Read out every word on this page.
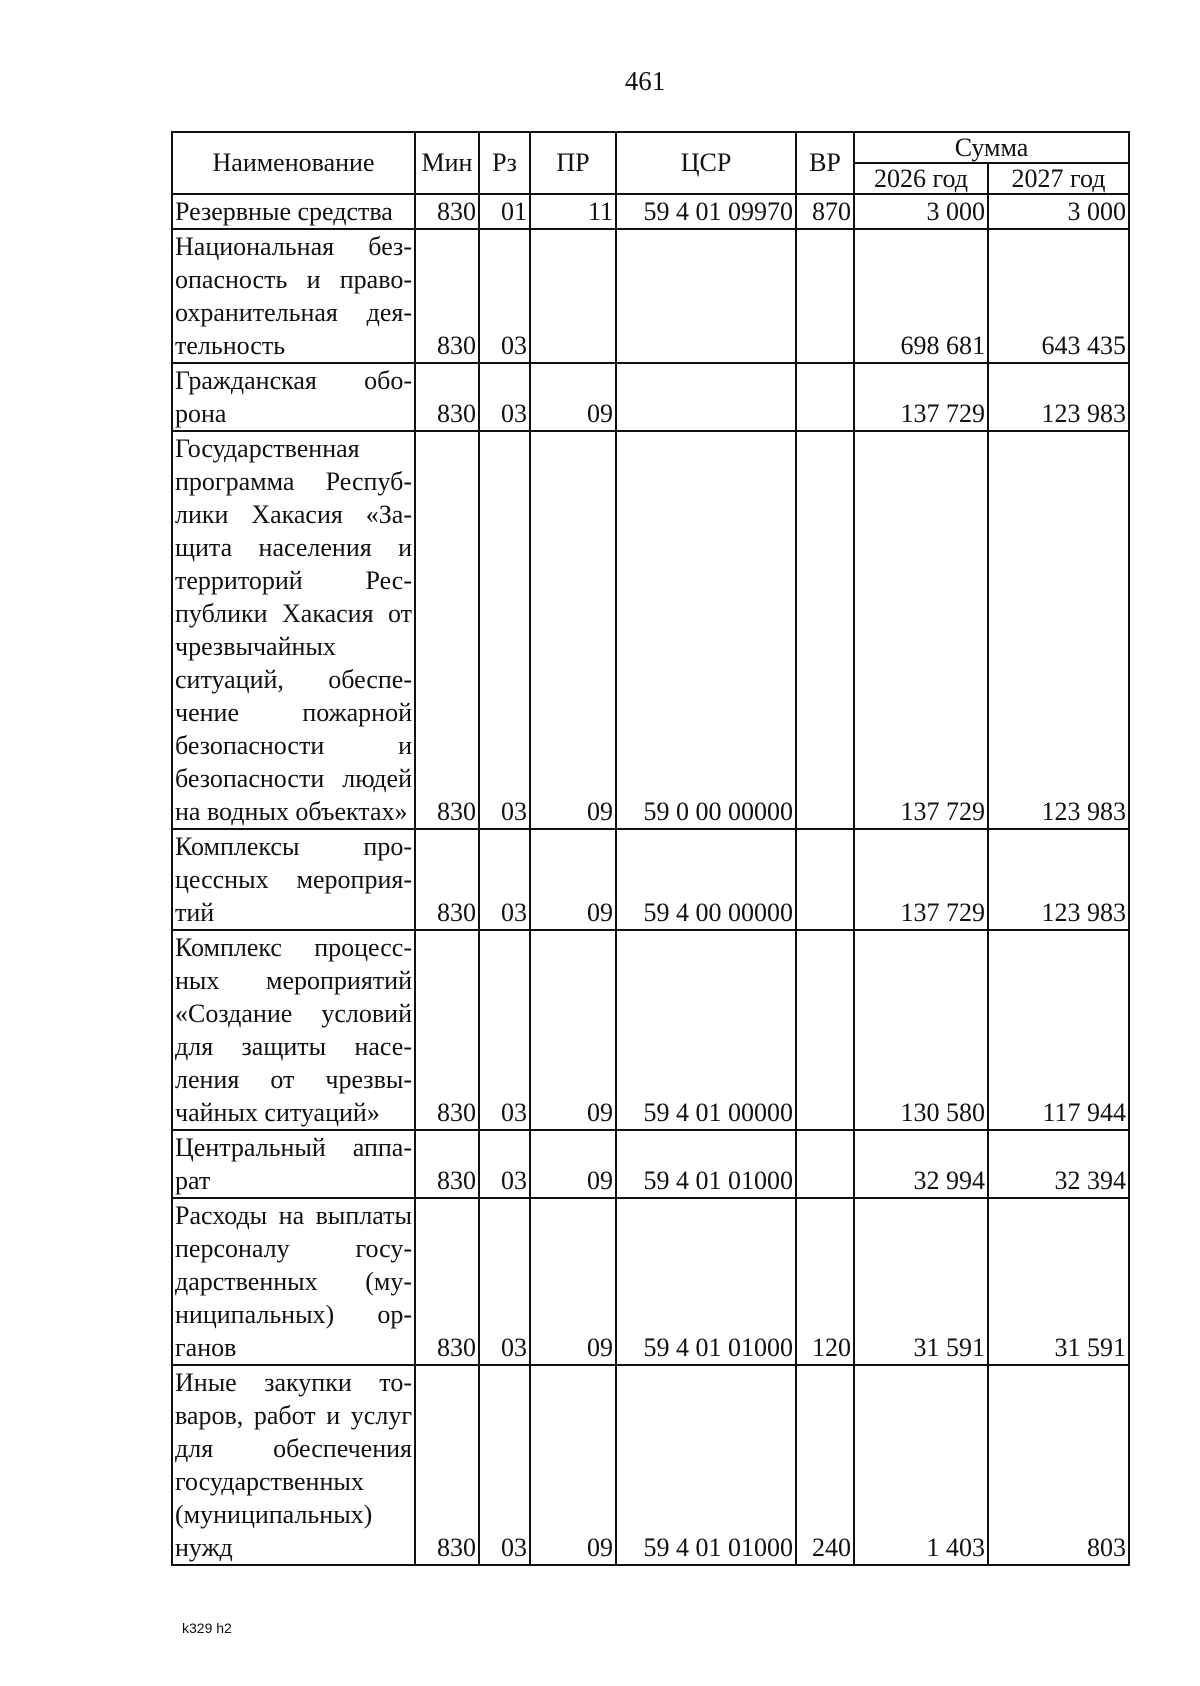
461
Наименование	Мин	Рз	ПР	ЦСР	ВР	Сумма	
						2026 год	2027 год
Резервные средства	830	01	11	59 4 01 09970	870	3 000	3 000
Национальная безопасность и правоохранительная деятельность	830	03				698 681	643 435
Гражданская оборона	830	03	09			137 729	123 983
Государственная программа Республики Хакасия «Защита населения и территорий Республики Хакасия от чрезвычайных ситуаций, обеспечение пожарной безопасности и безопасности людей на водных объектах»	830	03	09	59 0 00 00000		137 729	123 983
Комплексы процессных мероприятий	830	03	09	59 4 00 00000		137 729	123 983
Комплекс процессных мероприятий «Создание условий для защиты населения от чрезвычайных ситуаций»	830	03	09	59 4 01 00000		130 580	117 944
Центральный аппарат	830	03	09	59 4 01 01000		32 994	32 394
Расходы на выплаты персоналу государственных (муниципальных) органов	830	03	09	59 4 01 01000	120	31 591	31 591
Иные закупки товаров, работ и услуг для обеспечения государственных (муниципальных) нужд	830	03	09	59 4 01 01000	240	1 403	803
k329 h2
